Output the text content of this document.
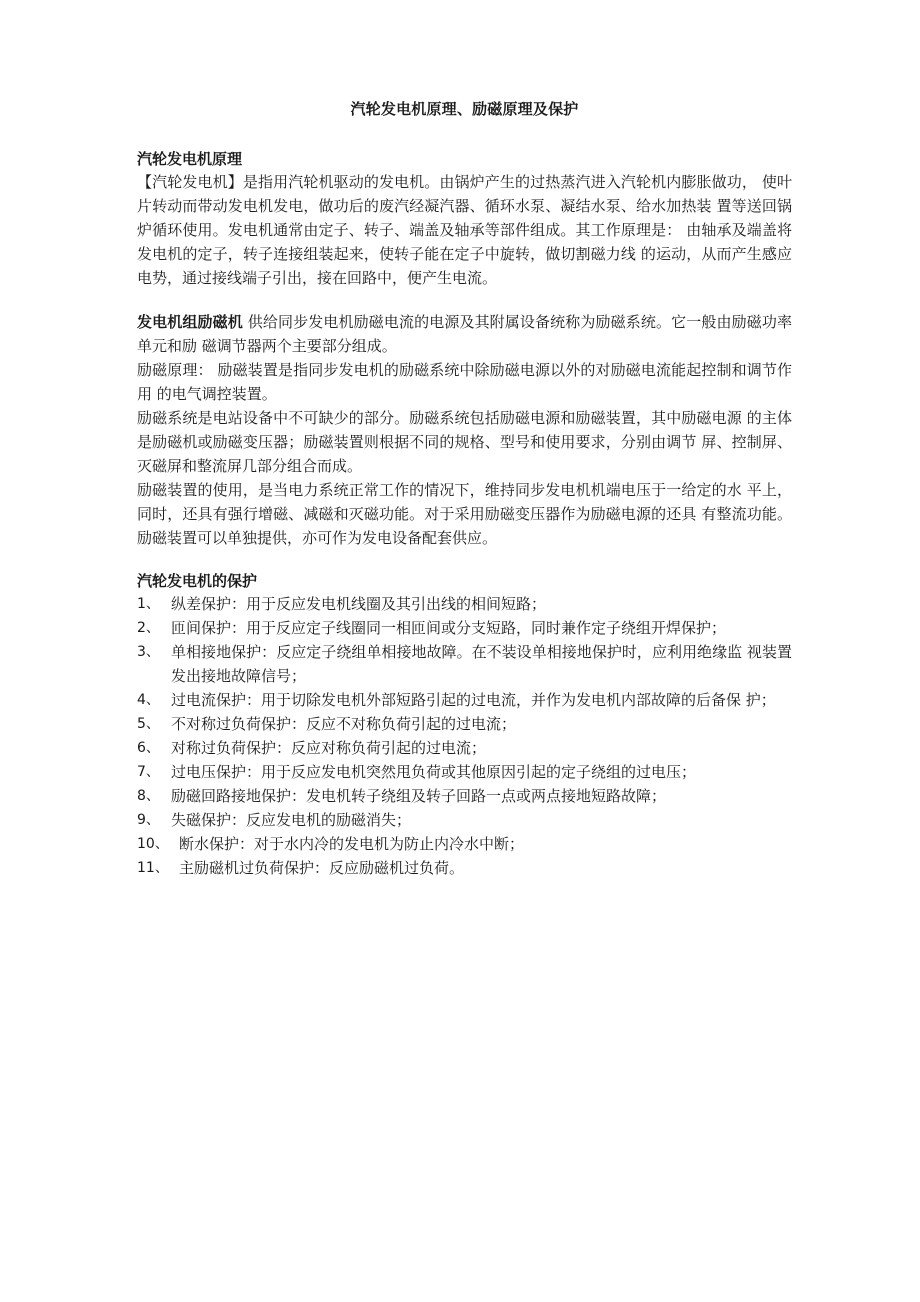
汽轮发电机原理、励磁原理及保护
汽轮发电机原理

【汽轮发电机】是指用汽轮机驱动的发电机。由锅炉产生的过热蒸汽进入汽轮机内膨胀做功， 使叶片转动而带动发电机发电，做功后的废汽经凝汽器、循环水泵、凝结水泵、给水加热装 置等送回锅炉循环使用。发电机通常由定子、转子、端盖及轴承等部件组成。其工作原理是： 由轴承及端盖将发电机的定子，转子连接组装起来，使转子能在定子中旋转，做切割磁力线 的运动，从而产生感应电势，通过接线端子引出，接在回路中，便产生电流。

发电机组励磁机 供给同步发电机励磁电流的电源及其附属设备统称为励磁系统。它一般由励磁功率单元和励 磁调节器两个主要部分组成。

励磁原理： 励磁装置是指同步发电机的励磁系统中除励磁电源以外的对励磁电流能起控制和调节作用 的电气调控装置。

励磁系统是电站设备中不可缺少的部分。励磁系统包括励磁电源和励磁装置，其中励磁电源 的主体是励磁机或励磁变压器；励磁装置则根据不同的规格、型号和使用要求，分别由调节 屏、控制屏、灭磁屏和整流屏几部分组合而成。

励磁装置的使用，是当电力系统正常工作的情况下，维持同步发电机机端电压于一给定的水 平上，同时，还具有强行增磁、减磁和灭磁功能。对于采用励磁变压器作为励磁电源的还具 有整流功能。励磁装置可以单独提供，亦可作为发电设备配套供应。

汽轮发电机的保护
1、 纵差保护：用于反应发电机线圈及其引出线的相间短路；
2、 匝间保护：用于反应定子线圈同一相匝间或分支短路，同时兼作定子绕组开焊保护；
3、 单相接地保护：反应定子绕组单相接地故障。在不装设单相接地保护时，应利用绝缘监 视装置发出接地故障信号；
4、 过电流保护：用于切除发电机外部短路引起的过电流，并作为发电机内部故障的后备保 护；
5、 不对称过负荷保护：反应不对称负荷引起的过电流；
6、 对称过负荷保护：反应对称负荷引起的过电流；
7、 过电压保护：用于反应发电机突然甩负荷或其他原因引起的定子绕组的过电压；
8、 励磁回路接地保护：发电机转子绕组及转子回路一点或两点接地短路故障；
9、 失磁保护：反应发电机的励磁消失；
10、 断水保护：对于水内冷的发电机为防止内冷水中断；
11、 主励磁机过负荷保护：反应励磁机过负荷。
